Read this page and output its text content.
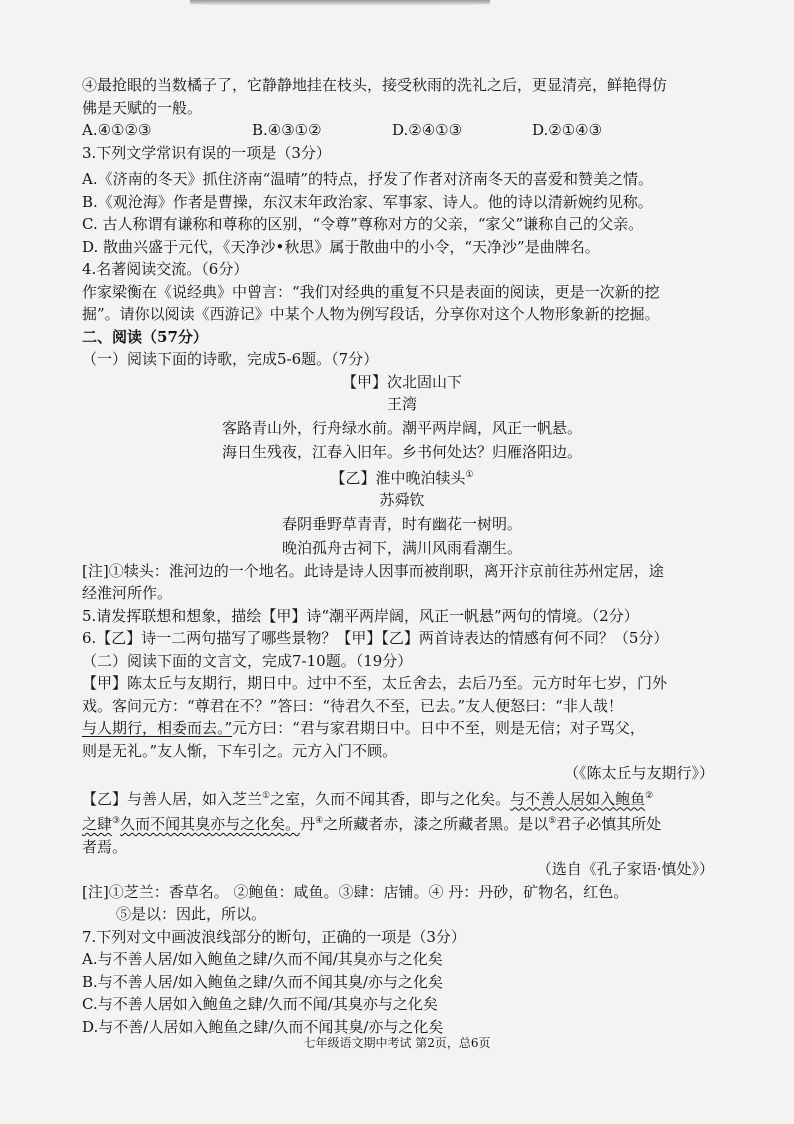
④最抢眼的当数橘子了，它静静地挂在枝头，接受秋雨的洗礼之后，更显清亮，鲜艳得仿
佛是天赋的一般。
A.④①②③	B.④③①②	D.②④①③	D.②①④③
3.下列文学常识有误的一项是（3分）
A.《济南的冬天》抓住济南“温晴”的特点，抒发了作者对济南冬天的喜爱和赞美之情。
B.《观沧海》作者是曹操，东汉末年政治家、军事家、诗人。他的诗以清新婉约见称。
C. 古人称谓有谦称和尊称的区别，“令尊”尊称对方的父亲，“家父”谦称自己的父亲。
D. 散曲兴盛于元代，《天净沙•秋思》属于散曲中的小令，“天净沙”是曲牌名。
4.名著阅读交流。（6分）
作家梁衡在《说经典》中曾言：“我们对经典的重复不只是表面的阅读，更是一次新的挖
掘”。请你以阅读《西游记》中某个人物为例写段话，分享你对这个人物形象新的挖掘。
二、阅读（57分）
（一）阅读下面的诗歌，完成5-6题。（7分）
【甲】次北固山下
王湾
客路青山外，行舟绿水前。潮平两岸阔，风正一帆悬。
海日生残夜，江春入旧年。乡书何处达？归雁洛阳边。
【乙】淮中晚泊犊头①
苏舜钦
春阴垂野草青青，时有幽花一树明。
晚泊孤舟古祠下，满川风雨看潮生。
[注]①犊头：淮河边的一个地名。此诗是诗人因事而被削职，离开汴京前往苏州定居，途
经淮河所作。
5.请发挥联想和想象，描绘【甲】诗“潮平两岸阔，风正一帆悬”两句的情境。（2分）
6.【乙】诗一二两句描写了哪些景物？【甲】【乙】两首诗表达的情感有何不同？（5分）
（二）阅读下面的文言文，完成7-10题。（19分）
【甲】陈太丘与友期行，期日中。过中不至，太丘舍去，去后乃至。元方时年七岁，门外
戏。客问元方：“尊君在不？”答曰：“待君久不至，已去。”友人便怒曰：“非人哉！
与人期行，相委而去。”元方曰：“君与家君期日中。日中不至，则是无信；对子骂父，
则是无礼。”友人惭，下车引之。元方入门不顾。
（《陈太丘与友期行》）
【乙】与善人居，如入芝兰①之室，久而不闻其香，即与之化矣。与不善人居如入鲍鱼②
之肆③久而不闻其臭亦与之化矣。丹④之所藏者赤，漆之所藏者黑。是以⑤君子必慎其所处
者焉。
（选自《孔子家语·慎处》）
[注]①芝兰：香草名。 ②鲍鱼：咸鱼。③肆：店铺。④ 丹：丹砂，矿物名，红色。
⑤是以：因此，所以。
7.下列对文中画波浪线部分的断句，正确的一项是（3分）
A.与不善人居/如入鲍鱼之肆/久而不闻/其臭亦与之化矣
B.与不善人居/如入鲍鱼之肆/久而不闻其臭/亦与之化矣
C.与不善人居如入鲍鱼之肆/久而不闻/其臭亦与之化矣
D.与不善/人居如入鲍鱼之肆/久而不闻其臭/亦与之化矣
七年级语文期中考试 第2页，总6页
